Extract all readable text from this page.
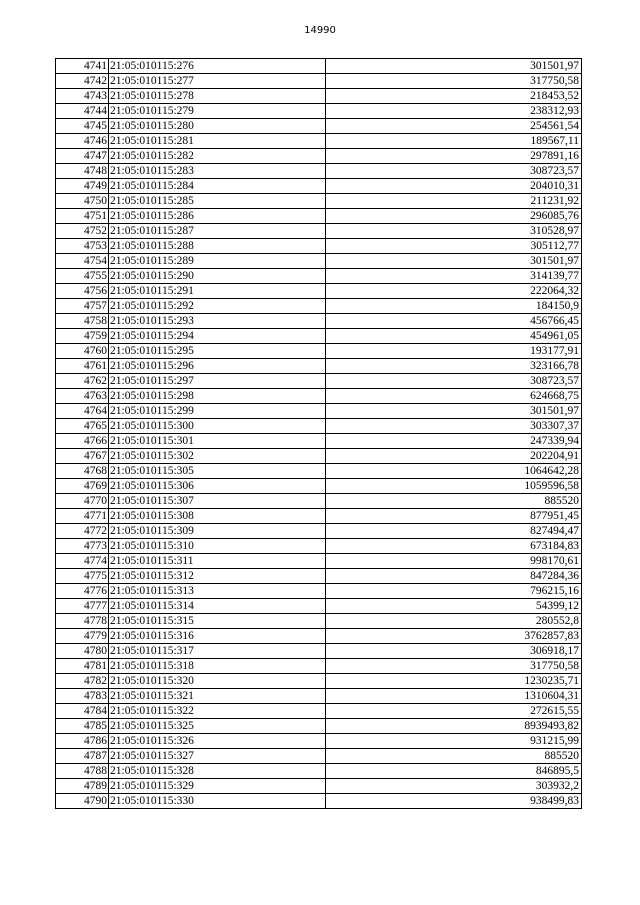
14990
4741	21:05:010115:276	301501,97
4742	21:05:010115:277	317750,58
4743	21:05:010115:278	218453,52
4744	21:05:010115:279	238312,93
4745	21:05:010115:280	254561,54
4746	21:05:010115:281	189567,11
4747	21:05:010115:282	297891,16
4748	21:05:010115:283	308723,57
4749	21:05:010115:284	204010,31
4750	21:05:010115:285	211231,92
4751	21:05:010115:286	296085,76
4752	21:05:010115:287	310528,97
4753	21:05:010115:288	305112,77
4754	21:05:010115:289	301501,97
4755	21:05:010115:290	314139,77
4756	21:05:010115:291	222064,32
4757	21:05:010115:292	184150,9
4758	21:05:010115:293	456766,45
4759	21:05:010115:294	454961,05
4760	21:05:010115:295	193177,91
4761	21:05:010115:296	323166,78
4762	21:05:010115:297	308723,57
4763	21:05:010115:298	624668,75
4764	21:05:010115:299	301501,97
4765	21:05:010115:300	303307,37
4766	21:05:010115:301	247339,94
4767	21:05:010115:302	202204,91
4768	21:05:010115:305	1064642,28
4769	21:05:010115:306	1059596,58
4770	21:05:010115:307	885520
4771	21:05:010115:308	877951,45
4772	21:05:010115:309	827494,47
4773	21:05:010115:310	673184,83
4774	21:05:010115:311	998170,61
4775	21:05:010115:312	847284,36
4776	21:05:010115:313	796215,16
4777	21:05:010115:314	54399,12
4778	21:05:010115:315	280552,8
4779	21:05:010115:316	3762857,83
4780	21:05:010115:317	306918,17
4781	21:05:010115:318	317750,58
4782	21:05:010115:320	1230235,71
4783	21:05:010115:321	1310604,31
4784	21:05:010115:322	272615,55
4785	21:05:010115:325	8939493,82
4786	21:05:010115:326	931215,99
4787	21:05:010115:327	885520
4788	21:05:010115:328	846895,5
4789	21:05:010115:329	303932,2
4790	21:05:010115:330	938499,83
